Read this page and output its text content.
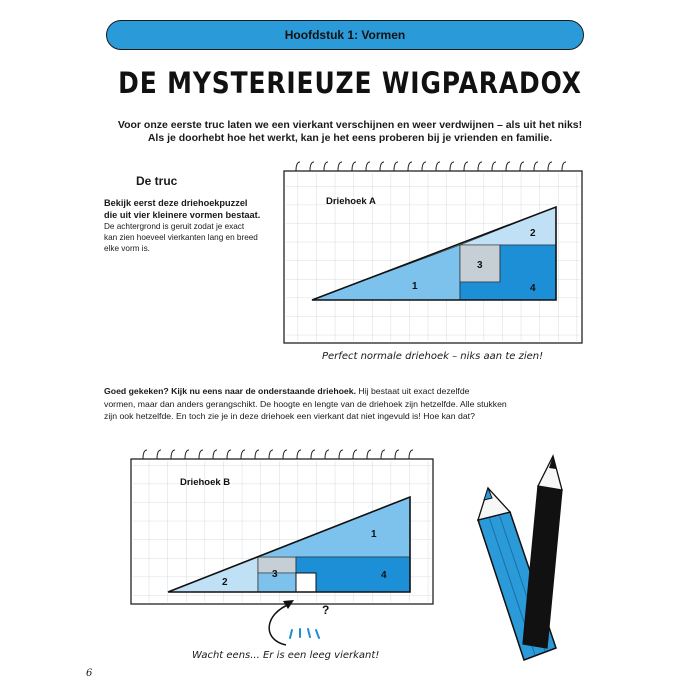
Hoofdstuk 1: Vormen
DE MYSTERIEUZE WIGPARADOX
Voor onze eerste truc laten we een vierkant verschijnen en weer verdwijnen – als uit het niks!
Als je doorhebt hoe het werkt, kan je het eens proberen bij je vrienden en familie.
De truc
Bekijk eerst deze driehoekpuzzel
die uit vier kleinere vormen bestaat.
De achtergrond is geruit zodat je exact
kan zien hoeveel vierkanten lang en breed
elke vorm is.
Driehoek A
1
2
3
4
Driehoek B
1
2
3	4
?
Perfect normale driehoek – niks aan te zien!
Goed gekeken? Kijk nu eens naar de onderstaande driehoek. Hij bestaat uit exact dezelfde
vormen, maar dan anders gerangschikt. De hoogte en lengte van de driehoek zijn hetzelfde. Alle stukken
zijn ook hetzelfde. En toch zie je in deze driehoek een vierkant dat niet ingevuld is! Hoe kan dat?
Wacht eens... Er is een leeg vierkant!
6
